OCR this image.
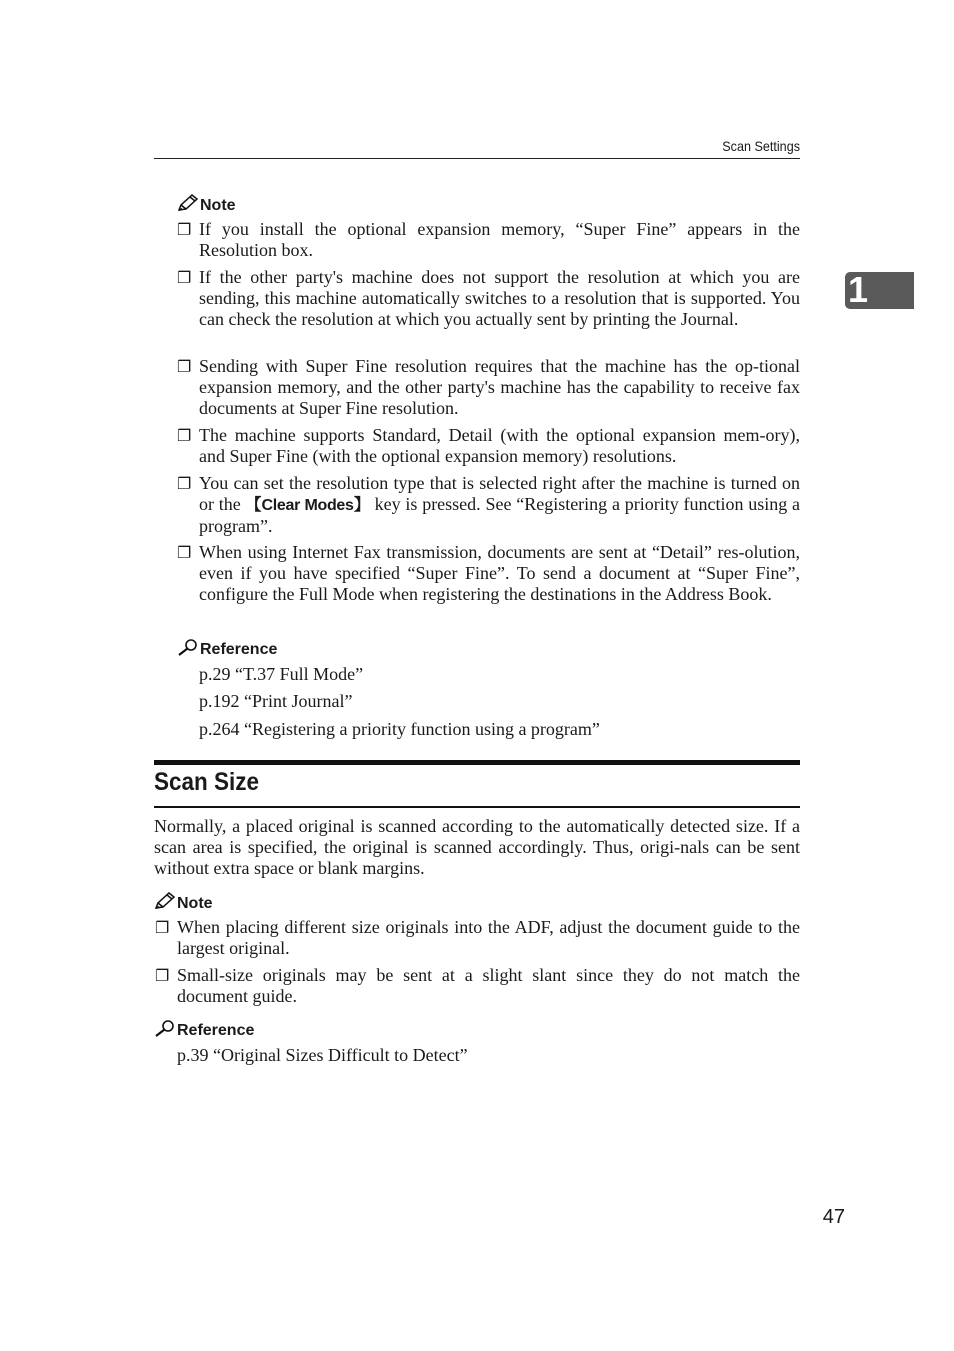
Scan Settings
1
Note
❐ If you install the optional expansion memory, “Super Fine” appears in the Resolution box.
❐ If the other party's machine does not support the resolution at which you are sending, this machine automatically switches to a resolution that is supported. You can check the resolution at which you actually sent by printing the Journal.
❐ Sending with Super Fine resolution requires that the machine has the op-tional expansion memory, and the other party's machine has the capability to receive fax documents at Super Fine resolution.
❐ The machine supports Standard, Detail (with the optional expansion mem-ory), and Super Fine (with the optional expansion memory) resolutions.
❐ You can set the resolution type that is selected right after the machine is turned on or the 【Clear Modes】 key is pressed. See “Registering a priority function using a program”.
❐ When using Internet Fax transmission, documents are sent at “Detail” res-olution, even if you have specified “Super Fine”. To send a document at “Super Fine”, configure the Full Mode when registering the destinations in the Address Book.
Reference
p.29 “T.37 Full Mode”
p.192 “Print Journal”
p.264 “Registering a priority function using a program”
Scan Size
Normally, a placed original is scanned according to the automatically detected size. If a scan area is specified, the original is scanned accordingly. Thus, origi-nals can be sent without extra space or blank margins.
Note
❐ When placing different size originals into the ADF, adjust the document guide to the largest original.
❐ Small-size originals may be sent at a slight slant since they do not match the document guide.
Reference
p.39 “Original Sizes Difficult to Detect”
47
